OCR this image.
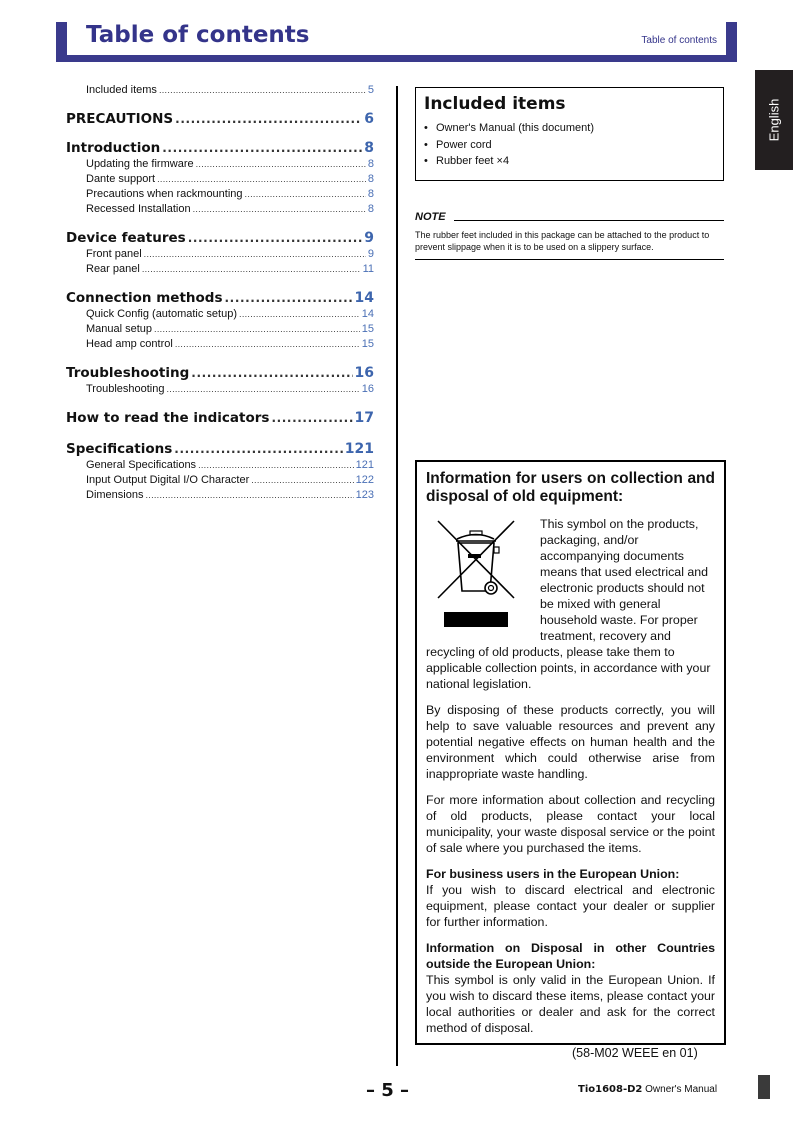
Table of contents	Table of contents
English
Included items .....	5
PRECAUTIONS .....	6
Introduction .....	8
Updating the firmware .....	8
Dante support .....	8
Precautions when rackmounting .....	8
Recessed Installation .....	8
Device features .....	9
Front panel .....	9
Rear panel .....	11
Connection methods .....	14
Quick Config (automatic setup) .....	14
Manual setup .....	15
Head amp control .....	15
Troubleshooting .....	16
Troubleshooting .....	16
How to read the indicators .....	17
Specifications .....	121
General Specifications .....	121
Input Output Digital I/O Character .....	122
Dimensions .....	123
Included items
• Owner's Manual (this document)
• Power cord
• Rubber feet ×4
NOTE
The rubber feet included in this package can be attached to the product to prevent slippage when it is to be used on a slippery surface.
Information for users on collection and disposal of old equipment:

This symbol on the products, packaging, and/or accompanying documents means that used electrical and electronic products should not be mixed with general household waste. For proper treatment, recovery and recycling of old products, please take them to applicable collection points, in accordance with your national legislation.

By disposing of these products correctly, you will help to save valuable resources and prevent any potential negative effects on human health and the environment which could otherwise arise from inappropriate waste handling.

For more information about collection and recycling of old products, please contact your local municipality, your waste disposal service or the point of sale where you purchased the items.

For business users in the European Union:
If you wish to discard electrical and electronic equipment, please contact your dealer or supplier for further information.

Information on Disposal in other Countries outside the European Union:
This symbol is only valid in the European Union. If you wish to discard these items, please contact your local authorities or dealer and ask for the correct method of disposal.

(58-M02 WEEE en 01)
– 5 –	Tio1608-D2 Owner's Manual
